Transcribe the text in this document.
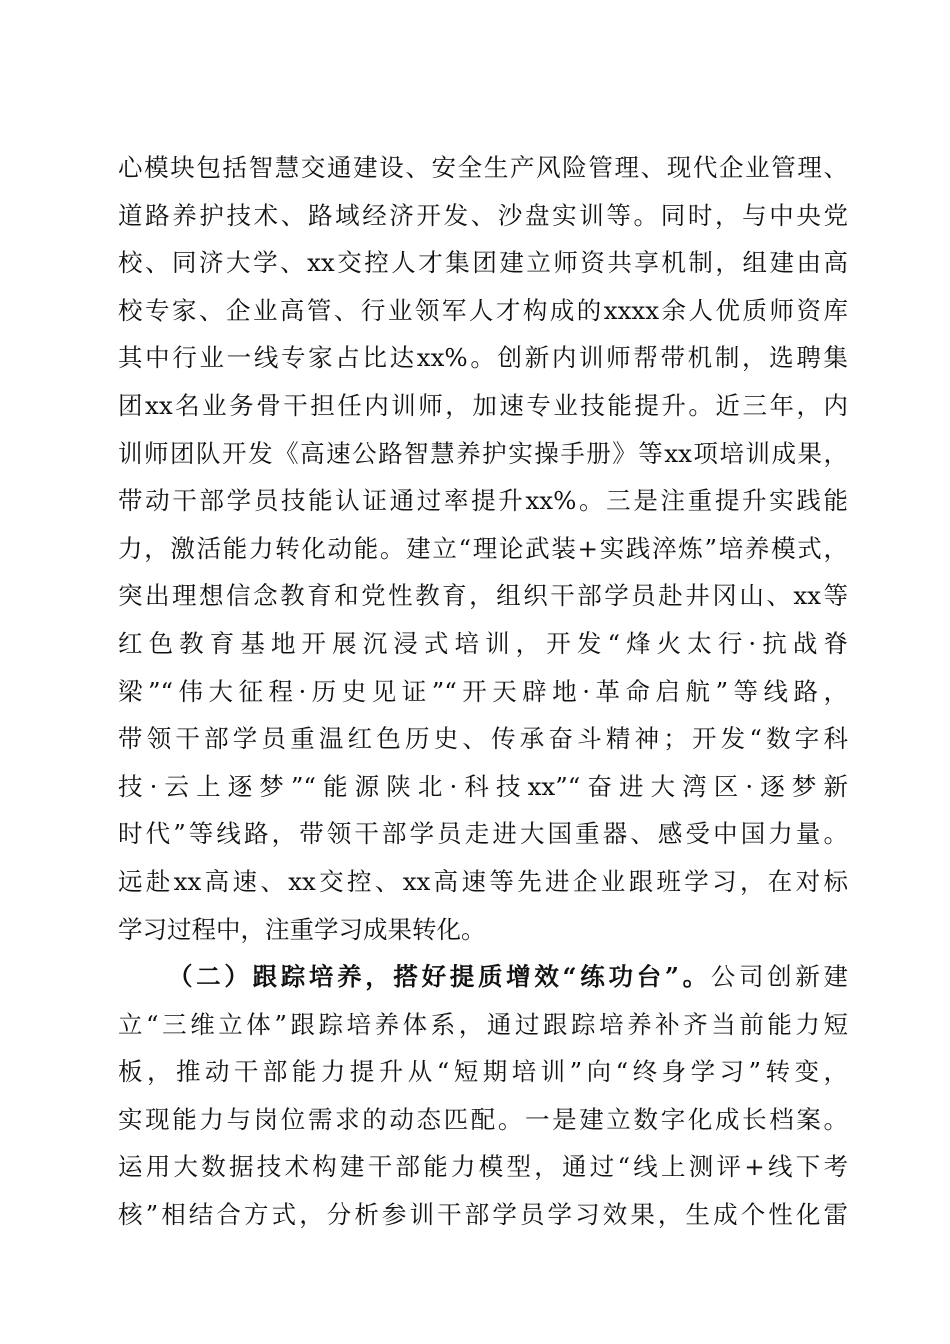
心模块包括智慧交通建设、安全生产风险管理、现代企业管理、
道路养护技术、路域经济开发、沙盘实训等。同时，与中央党
校、同济大学、xx交控人才集团建立师资共享机制，组建由高
校专家、企业高管、行业领军人才构成的xxxx余人优质师资库
其中行业一线专家占比达xx%。创新内训师帮带机制，选聘集
团xx名业务骨干担任内训师，加速专业技能提升。近三年，内
训师团队开发《高速公路智慧养护实操手册》等xx项培训成果，
带动干部学员技能认证通过率提升xx%。三是注重提升实践能
力，激活能力转化动能。建立“理论武装+实践淬炼”培养模式，
突出理想信念教育和党性教育，组织干部学员赴井冈山、xx等
红色教育基地开展沉浸式培训，开发“烽火太行·抗战脊
梁”“伟大征程·历史见证”“开天辟地·革命启航”等线路，
带领干部学员重温红色历史、传承奋斗精神；开发“数字科
技·云上逐梦”“能源陕北·科技xx”“奋进大湾区·逐梦新
时代”等线路，带领干部学员走进大国重器、感受中国力量。
远赴xx高速、xx交控、xx高速等先进企业跟班学习，在对标
学习过程中，注重学习成果转化。
（二）跟踪培养，搭好提质增效“练功台”。公司创新建
立“三维立体”跟踪培养体系，通过跟踪培养补齐当前能力短
板，推动干部能力提升从“短期培训”向“终身学习”转变，
实现能力与岗位需求的动态匹配。一是建立数字化成长档案。
运用大数据技术构建干部能力模型，通过“线上测评+线下考
核”相结合方式，分析参训干部学员学习效果，生成个性化雷
